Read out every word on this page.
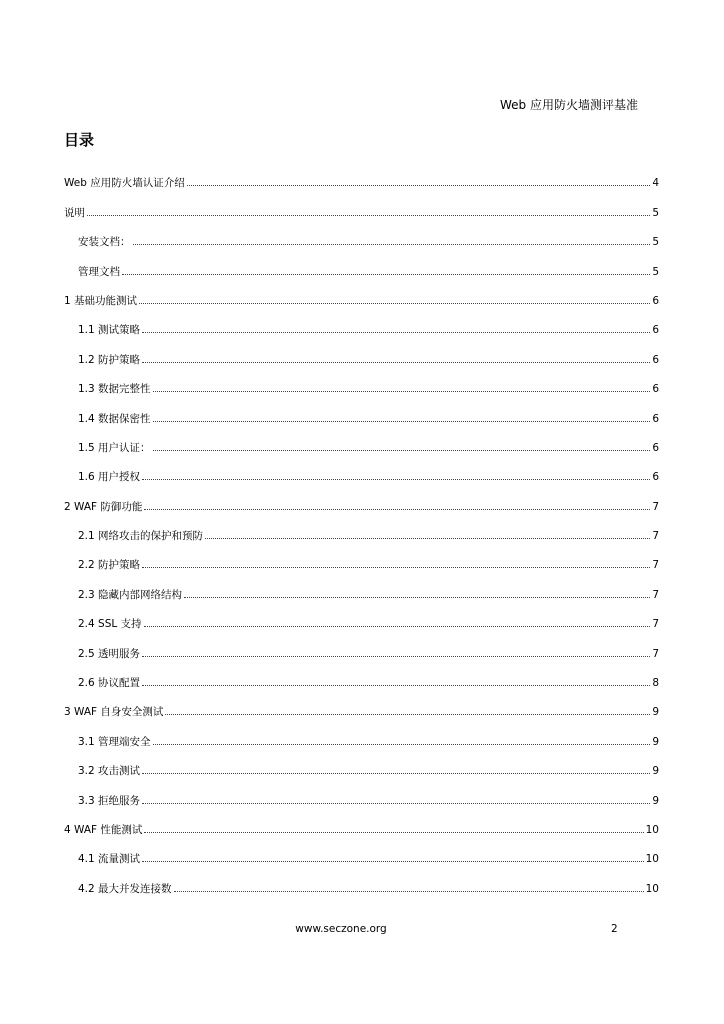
Web 应用防火墙测评基准
目录
Web 应用防火墙认证介绍	4
说明	5
安装文档：	5
管理文档	5
1 基础功能测试	6
1.1 测试策略	6
1.2 防护策略	6
1.3 数据完整性	6
1.4 数据保密性	6
1.5 用户认证：	6
1.6 用户授权	6
2 WAF 防御功能	7
2.1 网络攻击的保护和预防	7
2.2 防护策略	7
2.3 隐藏内部网络结构	7
2.4 SSL 支持	7
2.5 透明服务	7
2.6 协议配置	8
3 WAF 自身安全测试	9
3.1 管理端安全	9
3.2 攻击测试	9
3.3 拒绝服务	9
4 WAF 性能测试	10
4.1 流量测试	10
4.2 最大并发连接数	10
www.seczone.org	2
